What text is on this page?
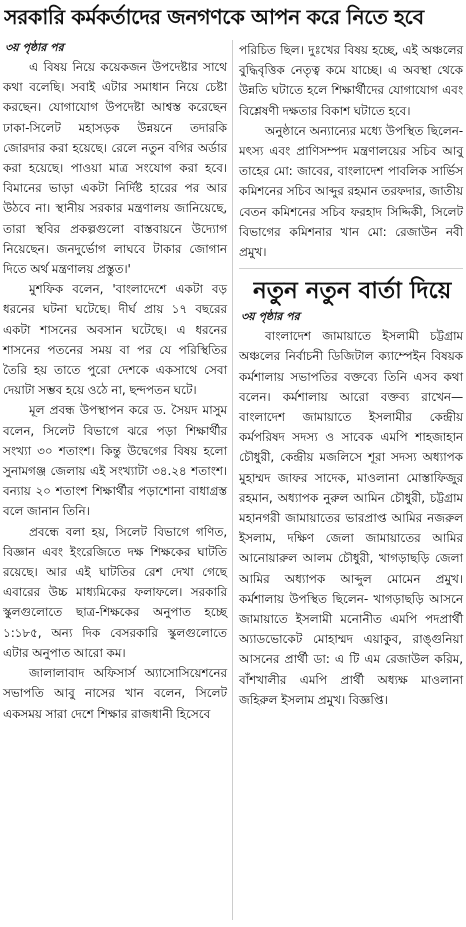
সরকারি কর্মকর্তাদের জনগণকে আপন করে নিতে হবে
৩য় পৃষ্ঠার পর

এ বিষয় নিয়ে কয়েকজন উপদেষ্টার সাথে কথা বলেছি। সবাই এটার সমাধান নিয়ে চেষ্টা করছেন। যোগাযোগ উপদেষ্টা আশ্বস্ত করেছেন ঢাকা-সিলেট মহাসড়ক উন্নয়নে তদারকি জোরদার করা হয়েছে। রেলে নতুন বগির অর্ডার করা হয়েছে। পাওয়া মাত্র সংযোগ করা হবে। বিমানের ভাড়া একটা নির্দিষ্ট হারের পর আর উঠবে না। স্থানীয় সরকার মন্ত্রণালয় জানিয়েছে, তারা স্থবির প্রকল্পগুলো বাস্তবায়নে উদ্যোগ নিয়েছেন। জনদুর্ভোগ লাঘবে টাকার জোগান দিতে অর্থ মন্ত্রণালয় প্রস্তুত।'

মুশফিক বলেন, 'বাংলাদেশে একটা বড় ধরনের ঘটনা ঘটেছে। দীর্ঘ প্রায় ১৭ বছরের একটা শাসনের অবসান ঘটেছে। এ ধরনের শাসনের পতনের সময় বা পর যে পরিস্থিতির তৈরি হয় তাতে পুরো দেশকে একসাথে সেবা দেয়াটা সম্ভব হয়ে ওঠে না, ছন্দপতন ঘটে।

মূল প্রবন্ধ উপস্থাপন করে ড. সৈয়দ মাসুম বলেন, সিলেট বিভাগে ঝরে পড়া শিক্ষার্থীর সংখ্যা ৩০ শতাংশ। কিন্তু উদ্বেগের বিষয় হলো সুনামগঞ্জ জেলায় এই সংখ্যাটা ৩৪.২৪ শতাংশ। বন্যায় ২০ শতাংশ শিক্ষার্থীর পড়াশোনা বাধাগ্রস্ত বলে জানান তিনি।

প্রবন্ধে বলা হয়, সিলেট বিভাগে গণিত, বিজ্ঞান এবং ইংরেজিতে দক্ষ শিক্ষকের ঘাটতি রয়েছে। আর এই ঘাটতির রেশ দেখা গেছে এবারের উচ্চ মাধ্যমিকের ফলাফলে। সরকারি স্কুলগুলোতে ছাত্র-শিক্ষকের অনুপাত হচ্ছে ১:১৮৫, অন্য দিক বেসরকারি স্কুলগুলোতে এটার অনুপাত আরো কম।

জালালাবাদ অফিসার্স অ্যাসোসিয়েশনের সভাপতি আবু নাসের খান বলেন, সিলেট একসময় সারা দেশে শিক্ষার রাজধানী হিসেবে

পরিচিত ছিল। দুঃখের বিষয় হচ্ছে, এই অঞ্চলের বুদ্ধিবৃত্তিক নেতৃত্ব কমে যাচ্ছে। এ অবস্থা থেকে উন্নতি ঘটাতে হলে শিক্ষার্থীদের যোগাযোগ এবং বিশ্লেষণী দক্ষতার বিকাশ ঘটাতে হবে।

অনুষ্ঠানে অন্যান্যের মধ্যে উপস্থিত ছিলেন- মৎস্য এবং প্রাণিসম্পদ মন্ত্রণালয়ের সচিব আবু তাহের মো: জাবের, বাংলাদেশ পাবলিক সার্ভিস কমিশনের সচিব আব্দুর রহমান তরফদার, জাতীয় বেতন কমিশনের সচিব ফরহাদ সিদ্দিকী, সিলেট বিভাগের কমিশনার খান মো: রেজাউন নবী প্রমুখ।

নতুন নতুন বার্তা দিয়ে
৩য় পৃষ্ঠার পর

বাংলাদেশ জামায়াতে ইসলামী চট্টগ্রাম অঞ্চলের নির্বাচনী ডিজিটাল ক্যাম্পেইন বিষয়ক কর্মশালায় সভাপতির বক্তব্যে তিনি এসব কথা বলেন। কর্মশালায় আরো বক্তব্য রাখেন— বাংলাদেশ জামায়াতে ইসলামীর কেন্দ্রীয় কর্মপরিষদ সদস্য ও সাবেক এমপি শাহজাহান চৌধুরী, কেন্দ্রীয় মজলিসে শূরা সদস্য অধ্যাপক মুহাম্মদ জাফর সাদেক, মাওলানা মোস্তাফিজুর রহমান, অধ্যাপক নুরুল আমিন চৌধুরী, চট্টগ্রাম মহানগরী জামায়াতের ভারপ্রাপ্ত আমির নজরুল ইসলাম, দক্ষিণ জেলা জামায়াতের আমির আনোয়ারুল আলম চৌধুরী, খাগড়াছড়ি জেলা আমির অধ্যাপক আব্দুল মোমেন প্রমুখ। কর্মশালায় উপস্থিত ছিলেন- খাগড়াছড়ি আসনে জামায়াতে ইসলামী মনোনীত এমপি পদপ্রার্থী অ্যাডভোকেট মোহাম্মদ এয়াকুব, রাঙ্গুনিয়া আসনের প্রার্থী ডা: এ টি এম রেজাউল করিম, বাঁশখালীর এমপি প্রার্থী অধ্যক্ষ মাওলানা জহিরুল ইসলাম প্রমুখ। বিজ্ঞপ্তি।
